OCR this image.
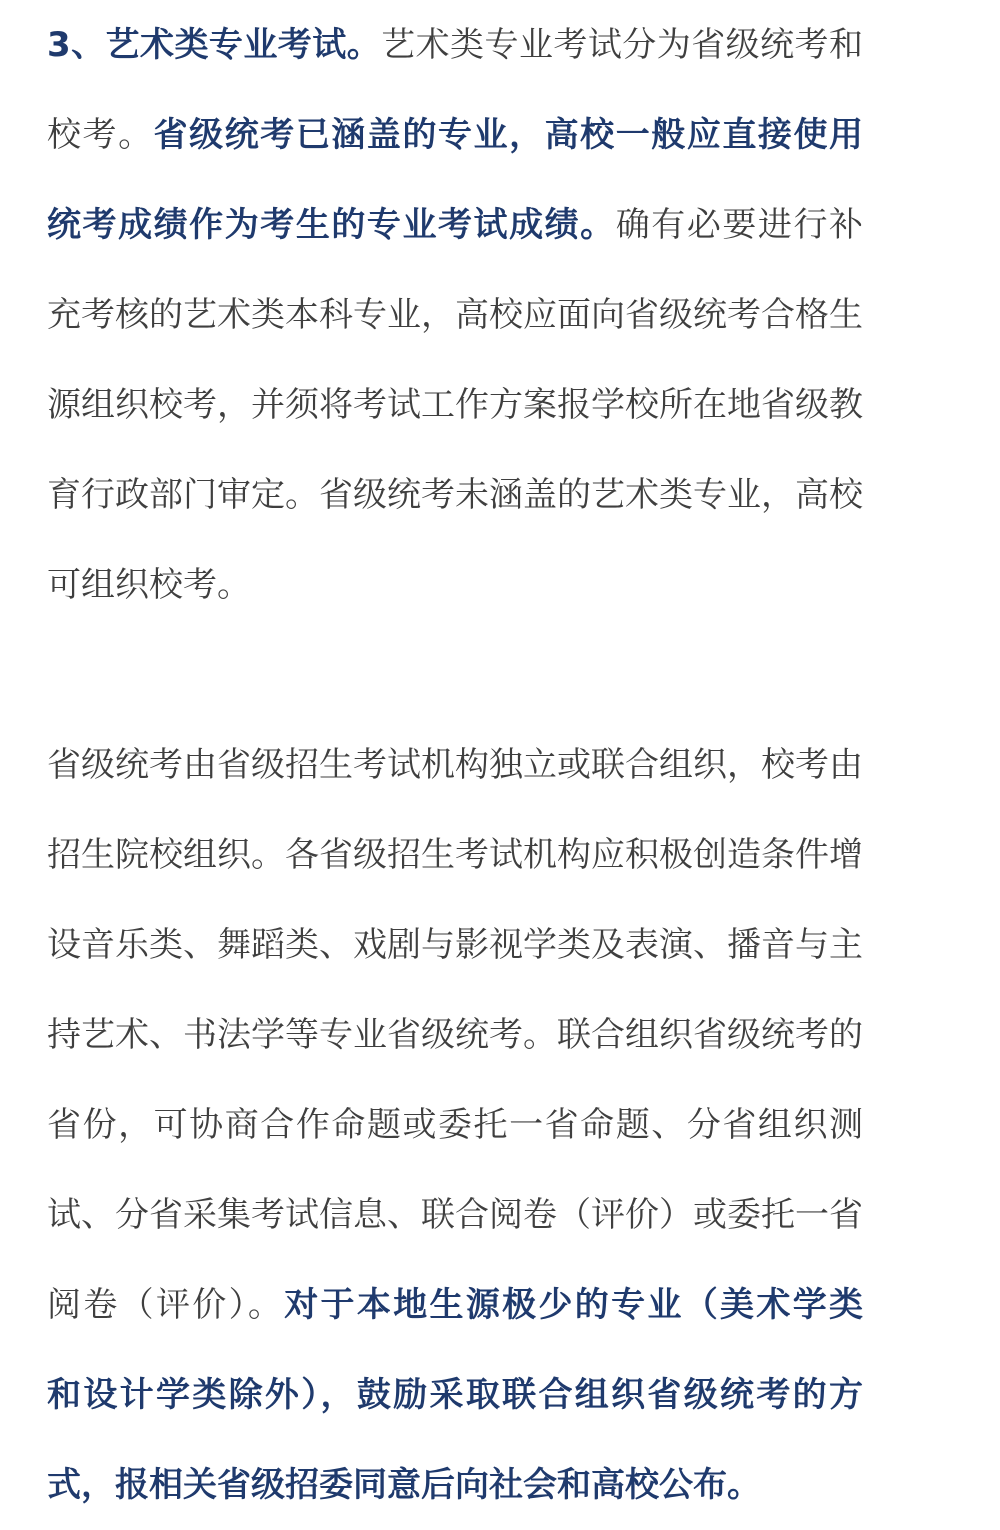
3、艺术类专业考试。艺术类专业考试分为省级统考和
校考。省级统考已涵盖的专业，高校一般应直接使用
统考成绩作为考生的专业考试成绩。确有必要进行补
充考核的艺术类本科专业，高校应面向省级统考合格生
源组织校考，并须将考试工作方案报学校所在地省级教
育行政部门审定。省级统考未涵盖的艺术类专业，高校
可组织校考。
省级统考由省级招生考试机构独立或联合组织，校考由
招生院校组织。各省级招生考试机构应积极创造条件增
设音乐类、舞蹈类、戏剧与影视学类及表演、播音与主
持艺术、书法学等专业省级统考。联合组织省级统考的
省份，可协商合作命题或委托一省命题、分省组织测
试、分省采集考试信息、联合阅卷（评价）或委托一省
阅卷（评价）。对于本地生源极少的专业（美术学类
和设计学类除外），鼓励采取联合组织省级统考的方
式，报相关省级招委同意后向社会和高校公布。
